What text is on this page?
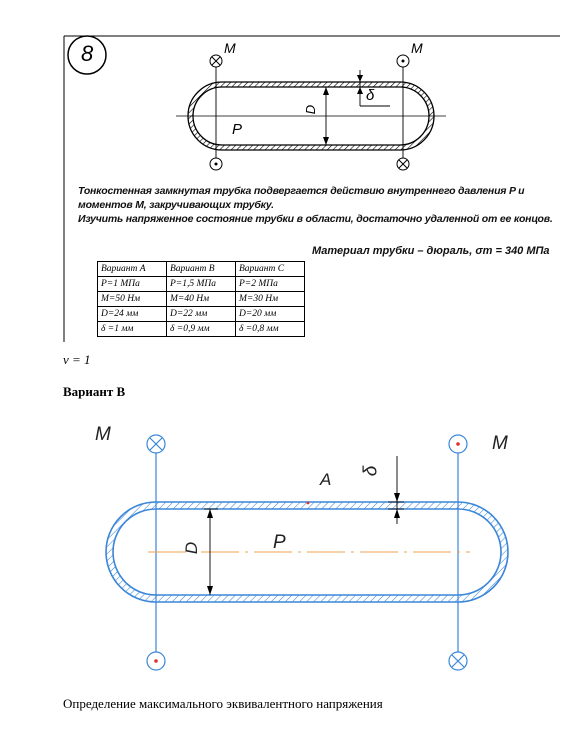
8	M	M
P
D
δ
Тонкостенная замкнутая трубка подвергается действию внутреннего давления P и
моментов M, закручивающих трубку.
Изучить напряженное состояние трубки в области, достаточно удаленной от ее концов.
Материал трубки – дюраль, σт = 340 МПа
Вариант А	Вариант В	Вариант С
P=1 МПа	P=1,5 МПа	P=2 МПа
M=50 Нм	M=40 Нм	M=30 Нм
D=24 мм	D=22 мм	D=20 мм
δ =1 мм	δ =0,9 мм	δ =0,8 мм
ν = 1
Вариант В
M	M
A δ
D	P
Определение максимального эквивалентного напряжения
